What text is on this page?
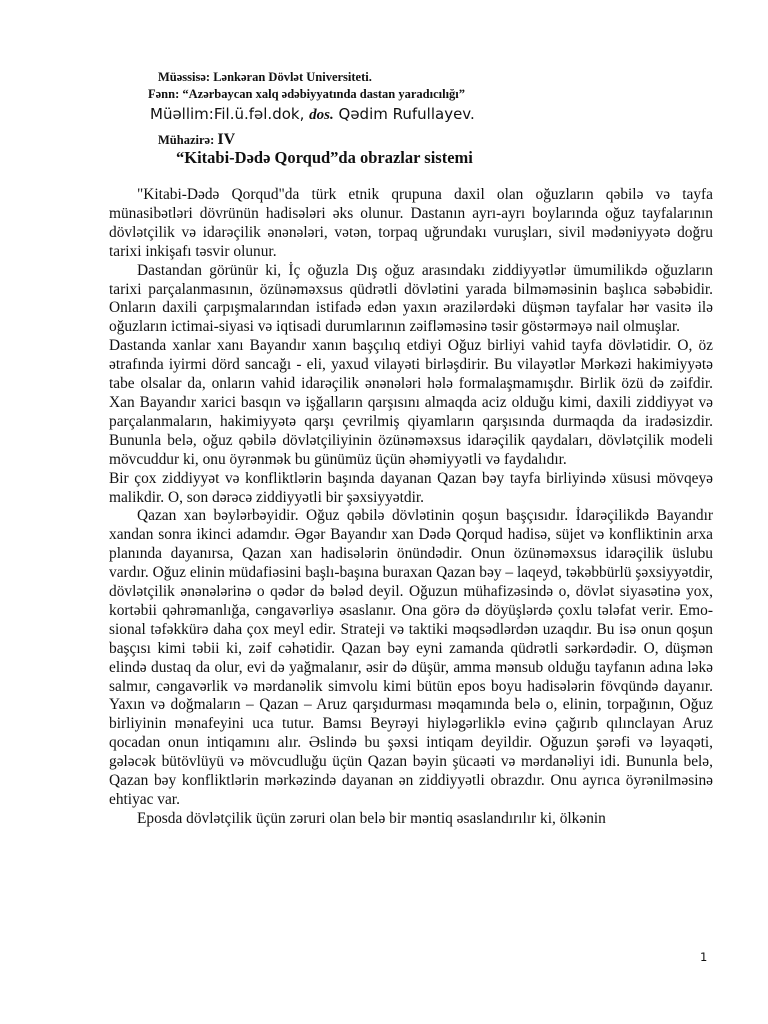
Müəssisə: Lənkəran Dövlət Universiteti.
Fənn: “Azərbaycan xalq ədəbiyyatında dastan yaradıcılığı”
Müəllim:Fil.ü.fəl.dok, dos. Qədim Rufullayev.
Mühazirə: IV
“Kitabi-Dədə Qorqud”da obrazlar sistemi

"Kitabi-Dədə Qorqud"da türk etnik qrupuna daxil olan oğuzların qəbilə və tayfa münasibətləri dövrünün hadisələri əks olunur. Dastanın ayrı-ayrı boylarında oğuz tayfalarının dövlətçilik və idarəçilik ənənələri, vətən, torpaq uğrundakı vuruşları, sivil mədəniyyətə doğru tarixi inkişafı təsvir olunur.

Dastandan görünür ki, İç oğuzla Dış oğuz arasındakı ziddiyyətlər ümumilikdə oğuzların tarixi parçalanmasının, özünəməxsus qüdrətli dövlətini yarada bilməməsinin başlıca səbəbidir. Onların daxili çarpışmalarından istifadə edən yaxın ərazilərdəki düşmən tayfalar hər vasitə ilə oğuzların ictimai-siyasi və iqtisadi durumlarının zəifləməsinə təsir göstərməyə nail olmuşlar.

Dastanda xanlar xanı Bayandır xanın başçılıq etdiyi Oğuz birliyi vahid tayfa dövlətidir. O, öz ətrafında iyirmi dörd sancağı - eli, yaxud vilayəti birləşdirir. Bu vilayətlər Mərkəzi hakimiyyətə tabe olsalar da, onların vahid idarəçilik ənənələri hələ formalaşmamışdır. Birlik özü də zəifdir. Xan Bayandır xarici basqın və işğalların qarşısını almaqda aciz olduğu kimi, daxili ziddiyyət və parçalanmaların, hakimiyyətə qarşı çevrilmiş qiyamların qarşısında durmaqda da iradəsizdir. Bununla belə, oğuz qəbilə dövlətçiliyinin özünəməxsus idarəçilik qaydaları, dövlətçilik modeli mövcuddur ki, onu öyrənmək bu günümüz üçün əhəmiyyətli və faydalıdır.

Bir çox ziddiyyət və konfliktlərin başında dayanan Qazan bəy tayfa birliyində xüsusi mövqeyə malikdir. O, son dərəcə ziddiyyətli bir şəxsiyyətdir.

Qazan xan bəylərbəyidir. Oğuz qəbilə dövlətinin qoşun başçısıdır. İdarəçilikdə Bayandır xandan sonra ikinci adamdır. Əgər Bayandır xan Dədə Qorqud hadisə, süjet və konfliktinin arxa planında dayanırsa, Qazan xan hadisələrin önündədir. Onun özünəməxsus idarəçilik üslubu vardır. Oğuz elinin müdafiəsini başlı-başına buraxan Qazan bəy – laqeyd, təkəbbürlü şəxsiyyətdir, dövlətçilik ənənələrinə o qədər də bələd deyil. Oğuzun mühafizəsində o, dövlət siyasətinə yox, kortəbii qəhrəmanlığa, cəngavərliyə əsaslanır. Ona görə də döyüşlərdə çoxlu tələfat verir. Emosional təfəkkürə daha çox meyl edir. Strateji və taktiki məqsədlərdən uzaqdır. Bu isə onun qoşun başçısı kimi təbii ki, zəif cəhətidir. Qazan bəy eyni zamanda qüdrətli sərkərdədir. O, düşmən elində dustaq da olur, evi də yağmalanır, əsir də düşür, amma mənsub olduğu tayfanın adına ləkə salmır, cəngavərlik və mərdanəlik simvolu kimi bütün epos boyu hadisələrin fövqündə dayanır. Yaxın və doğmaların – Qazan – Aruz qarşıdurması məqamında belə o, elinin, torpağının, Oğuz birliyinin mənafeyini uca tutur. Bamsı Beyrəyi hiyləgərliklə evinə çağırıb qılınclayan Aruz qocadan onun intiqamını alır. Əslində bu şəxsi intiqam deyildir. Oğuzun şərəfi və ləyaqəti, gələcək bütövlüyü və mövcudluğu üçün Qazan bəyin şücaəti və mərdanəliyi idi. Bununla belə, Qazan bəy konfliktlərin mərkəzində dayanan ən ziddiyyətli obrazdır. Onu ayrıca öyrənilməsinə ehtiyac var.

Eposda dövlətçilik üçün zəruri olan belə bir məntiq əsaslandırılır ki, ölkənin

1
